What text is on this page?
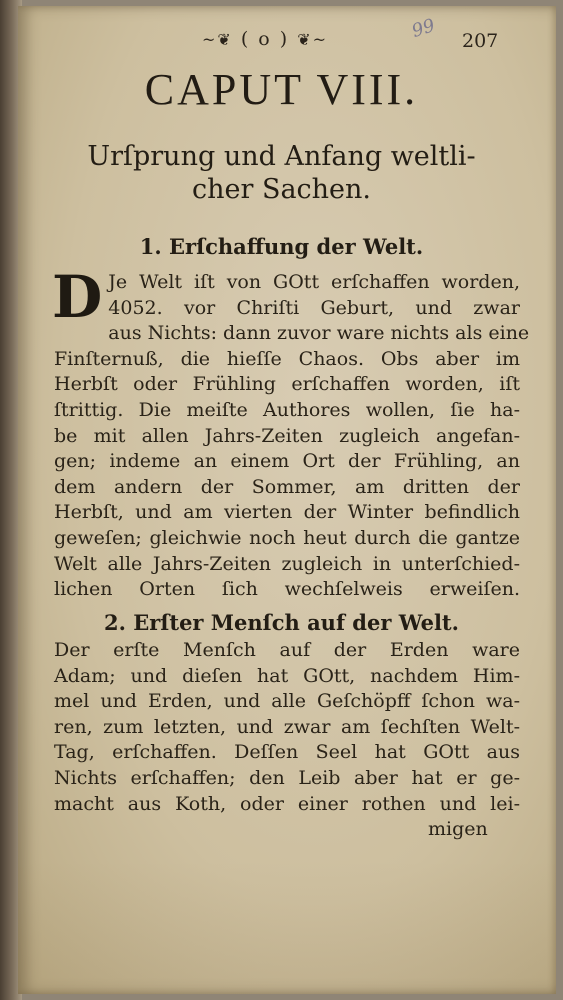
~❦ ( o ) ❦~	99 207
CAPUT VIII.
Urſprung und Anfang weltli-
cher Sachen.
1. Erſchaffung der Welt.
D Je Welt iſt von GOtt erſchaffen worden,
4052. vor Chriſti Geburt, und zwar
aus Nichts: dann zuvor ware nichts als eine
Finſternuß, die hieſſe Chaos. Obs aber im
Herbſt oder Frühling erſchaffen worden, iſt
ſtrittig. Die meiſte Authores wollen, ſie ha-
be mit allen Jahrs-Zeiten zugleich angefan-
gen; indeme an einem Ort der Frühling, an
dem andern der Sommer, am dritten der
Herbſt, und am vierten der Winter befindlich
geweſen; gleichwie noch heut durch die gantze
Welt alle Jahrs-Zeiten zugleich in unterſchied-
lichen Orten ſich wechſelweis erweiſen.
2. Erſter Menſch auf der Welt.
Der erſte Menſch auf der Erden ware
Adam; und dieſen hat GOtt, nachdem Him-
mel und Erden, und alle Geſchöpff ſchon wa-
ren, zum letzten, und zwar am ſechſten Welt-
Tag, erſchaffen. Deſſen Seel hat GOtt aus
Nichts erſchaffen; den Leib aber hat er ge-
macht aus Koth, oder einer rothen und lei-
migen
